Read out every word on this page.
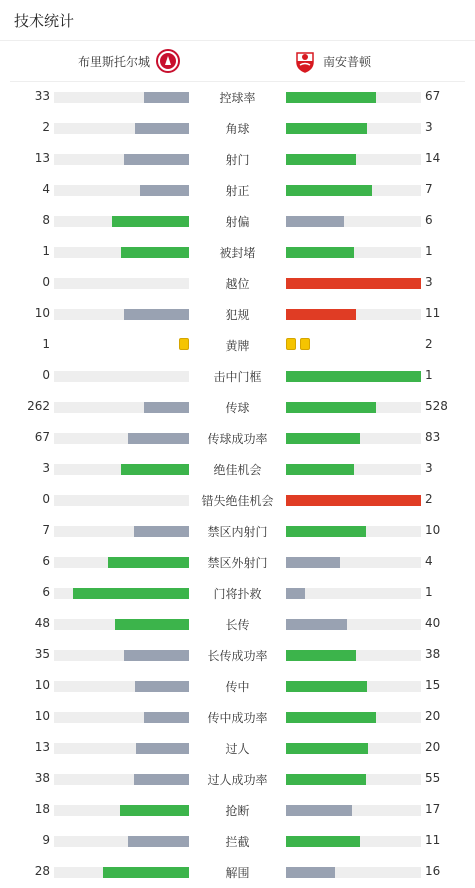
技术统计
布里斯托尔城	南安普顿
33	控球率	67
2	角球	3
13	射门	14
4	射正	7
8	射偏	6
1	被封堵	1
0	越位	3
10	犯规	11
1	黄牌	2
0	击中门框	1
262	传球	528
67	传球成功率	83
3	绝佳机会	3
0	错失绝佳机会	2
7	禁区内射门	10
6	禁区外射门	4
6	门将扑救	1
48	长传	40
35	长传成功率	38
10	传中	15
10	传中成功率	20
13	过人	20
38	过人成功率	55
18	抢断	17
9	拦截	11
28	解围	16
